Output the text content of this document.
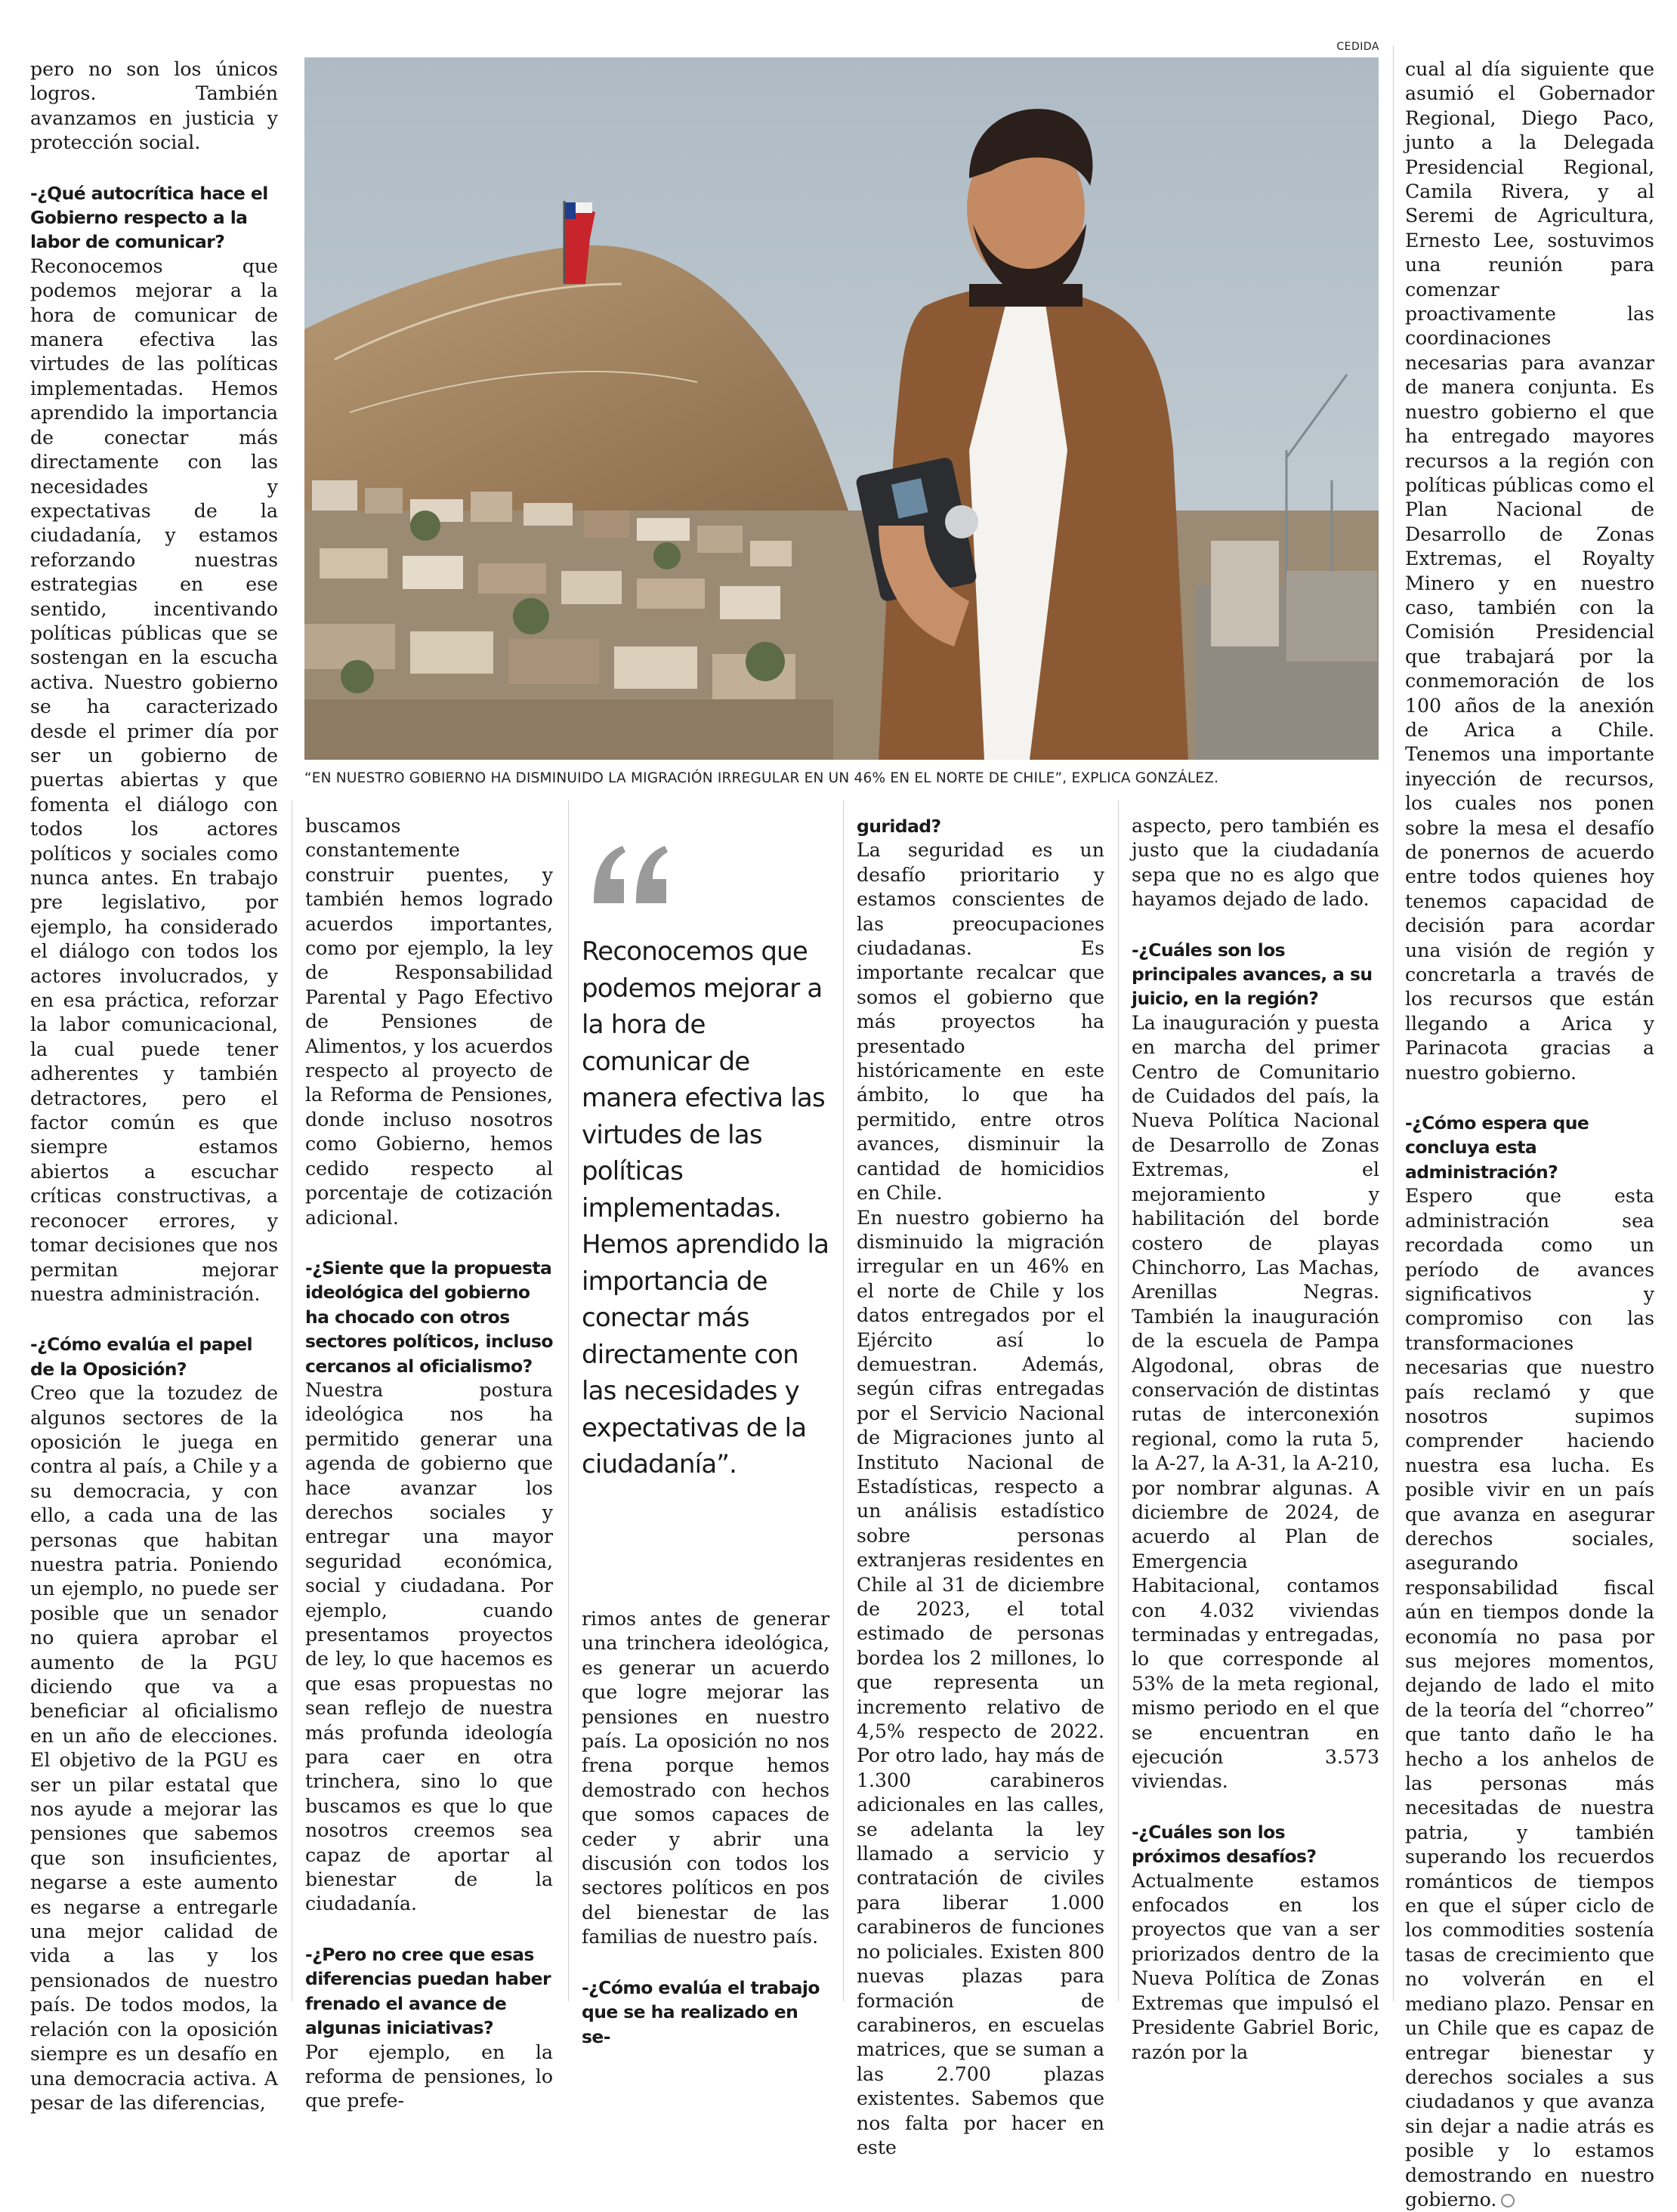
pero no son los únicos logros. También avanzamos en justicia y protección social.

-¿Qué autocrítica hace el Gobierno respecto a la labor de comunicar?

Reconocemos que podemos mejorar a la hora de comunicar de manera efectiva las virtudes de las políticas implementadas. Hemos aprendido la importancia de conectar más directamente con las necesidades y expectativas de la ciudadanía, y estamos reforzando nuestras estrategias en ese sentido, incentivando políticas públicas que se sostengan en la escucha activa. Nuestro gobierno se ha caracterizado desde el primer día por ser un gobierno de puertas abiertas y que fomenta el diálogo con todos los actores políticos y sociales como nunca antes. En trabajo pre legislativo, por ejemplo, ha considerado el diálogo con todos los actores involucrados, y en esa práctica, reforzar la labor comunicacional, la cual puede tener adherentes y también detractores, pero el factor común es que siempre estamos abiertos a escuchar críticas constructivas, a reconocer errores, y tomar decisiones que nos permitan mejorar nuestra administración.

-¿Cómo evalúa el papel de la Oposición?

Creo que la tozudez de algunos sectores de la oposición le juega en contra al país, a Chile y a su democracia, y con ello, a cada una de las personas que habitan nuestra patria. Poniendo un ejemplo, no puede ser posible que un senador no quiera aprobar el aumento de la PGU diciendo que va a beneficiar al oficialismo en un año de elecciones. El objetivo de la PGU es ser un pilar estatal que nos ayude a mejorar las pensiones que sabemos que son insuficientes, negarse a este aumento es negarse a entregarle una mejor calidad de vida a las y los pensionados de nuestro país. De todos modos, la relación con la oposición siempre es un desafío en una democracia activa. A pesar de las diferencias,

CEDIDA
“EN NUESTRO GOBIERNO HA DISMINUIDO LA MIGRACIÓN IRREGULAR EN UN 46% EN EL NORTE DE CHILE”, EXPLICA GONZÁLEZ.

buscamos constantemente construir puentes, y también hemos logrado acuerdos importantes, como por ejemplo, la ley de Responsabilidad Parental y Pago Efectivo de Pensiones de Alimentos, y los acuerdos respecto al proyecto de la Reforma de Pensiones, donde incluso nosotros como Gobierno, hemos cedido respecto al porcentaje de cotización adicional.

-¿Siente que la propuesta ideológica del gobierno ha chocado con otros sectores políticos, incluso cercanos al oficialismo?

Nuestra postura ideológica nos ha permitido generar una agenda de gobierno que hace avanzar los derechos sociales y entregar una mayor seguridad económica, social y ciudadana. Por ejemplo, cuando presentamos proyectos de ley, lo que hacemos es que esas propuestas no sean reflejo de nuestra más profunda ideología para caer en otra trinchera, sino lo que buscamos es que lo que nosotros creemos sea capaz de aportar al bienestar de la ciudadanía.

-¿Pero no cree que esas diferencias puedan haber frenado el avance de algunas iniciativas?

Por ejemplo, en la reforma de pensiones, lo que prefe-

Reconocemos que podemos mejorar a la hora de comunicar de manera efectiva las virtudes de las políticas implementadas. Hemos aprendido la importancia de conectar más directamente con las necesidades y expectativas de la ciudadanía”.

rimos antes de generar una trinchera ideológica, es generar un acuerdo que logre mejorar las pensiones en nuestro país. La oposición no nos frena porque hemos demostrado con hechos que somos capaces de ceder y abrir una discusión con todos los sectores políticos en pos del bienestar de las familias de nuestro país.

-¿Cómo evalúa el trabajo que se ha realizado en se-
guridad?

La seguridad es un desafío prioritario y estamos conscientes de las preocupaciones ciudadanas. Es importante recalcar que somos el gobierno que más proyectos ha presentado históricamente en este ámbito, lo que ha permitido, entre otros avances, disminuir la cantidad de homicidios en Chile.

En nuestro gobierno ha disminuido la migración irregular en un 46% en el norte de Chile y los datos entregados por el Ejército así lo demuestran. Además, según cifras entregadas por el Servicio Nacional de Migraciones junto al Instituto Nacional de Estadísticas, respecto a un análisis estadístico sobre personas extranjeras residentes en Chile al 31 de diciembre de 2023, el total estimado de personas bordea los 2 millones, lo que representa un incremento relativo de 4,5% respecto de 2022. Por otro lado, hay más de 1.300 carabineros adicionales en las calles, se adelanta la ley llamado a servicio y contratación de civiles para liberar 1.000 carabineros de funciones no policiales. Existen 800 nuevas plazas para formación de carabineros, en escuelas matrices, que se suman a las 2.700 plazas existentes. Sabemos que nos falta por hacer en este

aspecto, pero también es justo que la ciudadanía sepa que no es algo que hayamos dejado de lado.

-¿Cuáles son los principales avances, a su juicio, en la región?

La inauguración y puesta en marcha del primer Centro de Comunitario de Cuidados del país, la Nueva Política Nacional de Desarrollo de Zonas Extremas, el mejoramiento y habilitación del borde costero de playas Chinchorro, Las Machas, Arenillas Negras. También la inauguración de la escuela de Pampa Algodonal, obras de conservación de distintas rutas de interconexión regional, como la ruta 5, la A-27, la A-31, la A-210, por nombrar algunas. A diciembre de 2024, de acuerdo al Plan de Emergencia Habitacional, contamos con 4.032 viviendas terminadas y entregadas, lo que corresponde al 53% de la meta regional, mismo periodo en el que se encuentran en ejecución 3.573 viviendas.

-¿Cuáles son los próximos desafíos?

Actualmente estamos enfocados en los proyectos que van a ser priorizados dentro de la Nueva Política de Zonas Extremas que impulsó el Presidente Gabriel Boric, razón por la

cual al día siguiente que asumió el Gobernador Regional, Diego Paco, junto a la Delegada Presidencial Regional, Camila Rivera, y al Seremi de Agricultura, Ernesto Lee, sostuvimos una reunión para comenzar proactivamente las coordinaciones necesarias para avanzar de manera conjunta. Es nuestro gobierno el que ha entregado mayores recursos a la región con políticas públicas como el Plan Nacional de Desarrollo de Zonas Extremas, el Royalty Minero y en nuestro caso, también con la Comisión Presidencial que trabajará por la conmemoración de los 100 años de la anexión de Arica a Chile. Tenemos una importante inyección de recursos, los cuales nos ponen sobre la mesa el desafío de ponernos de acuerdo entre todos quienes hoy tenemos capacidad de decisión para acordar una visión de región y concretarla a través de los recursos que están llegando a Arica y Parinacota gracias a nuestro gobierno.

-¿Cómo espera que concluya esta administración?

Espero que esta administración sea recordada como un período de avances significativos y compromiso con las transformaciones necesarias que nuestro país reclamó y que nosotros supimos comprender haciendo nuestra esa lucha. Es posible vivir en un país que avanza en asegurar derechos sociales, asegurando responsabilidad fiscal aún en tiempos donde la economía no pasa por sus mejores momentos, dejando de lado el mito de la teoría del “chorreo” que tanto daño le ha hecho a los anhelos de las personas más necesitadas de nuestra patria, y también superando los recuerdos románticos de tiempos en que el súper ciclo de los commodities sostenía tasas de crecimiento que no volverán en el mediano plazo. Pensar en un Chile que es capaz de entregar bienestar y derechos sociales a sus ciudadanos y que avanza sin dejar a nadie atrás es posible y lo estamos demostrando en nuestro gobierno.
